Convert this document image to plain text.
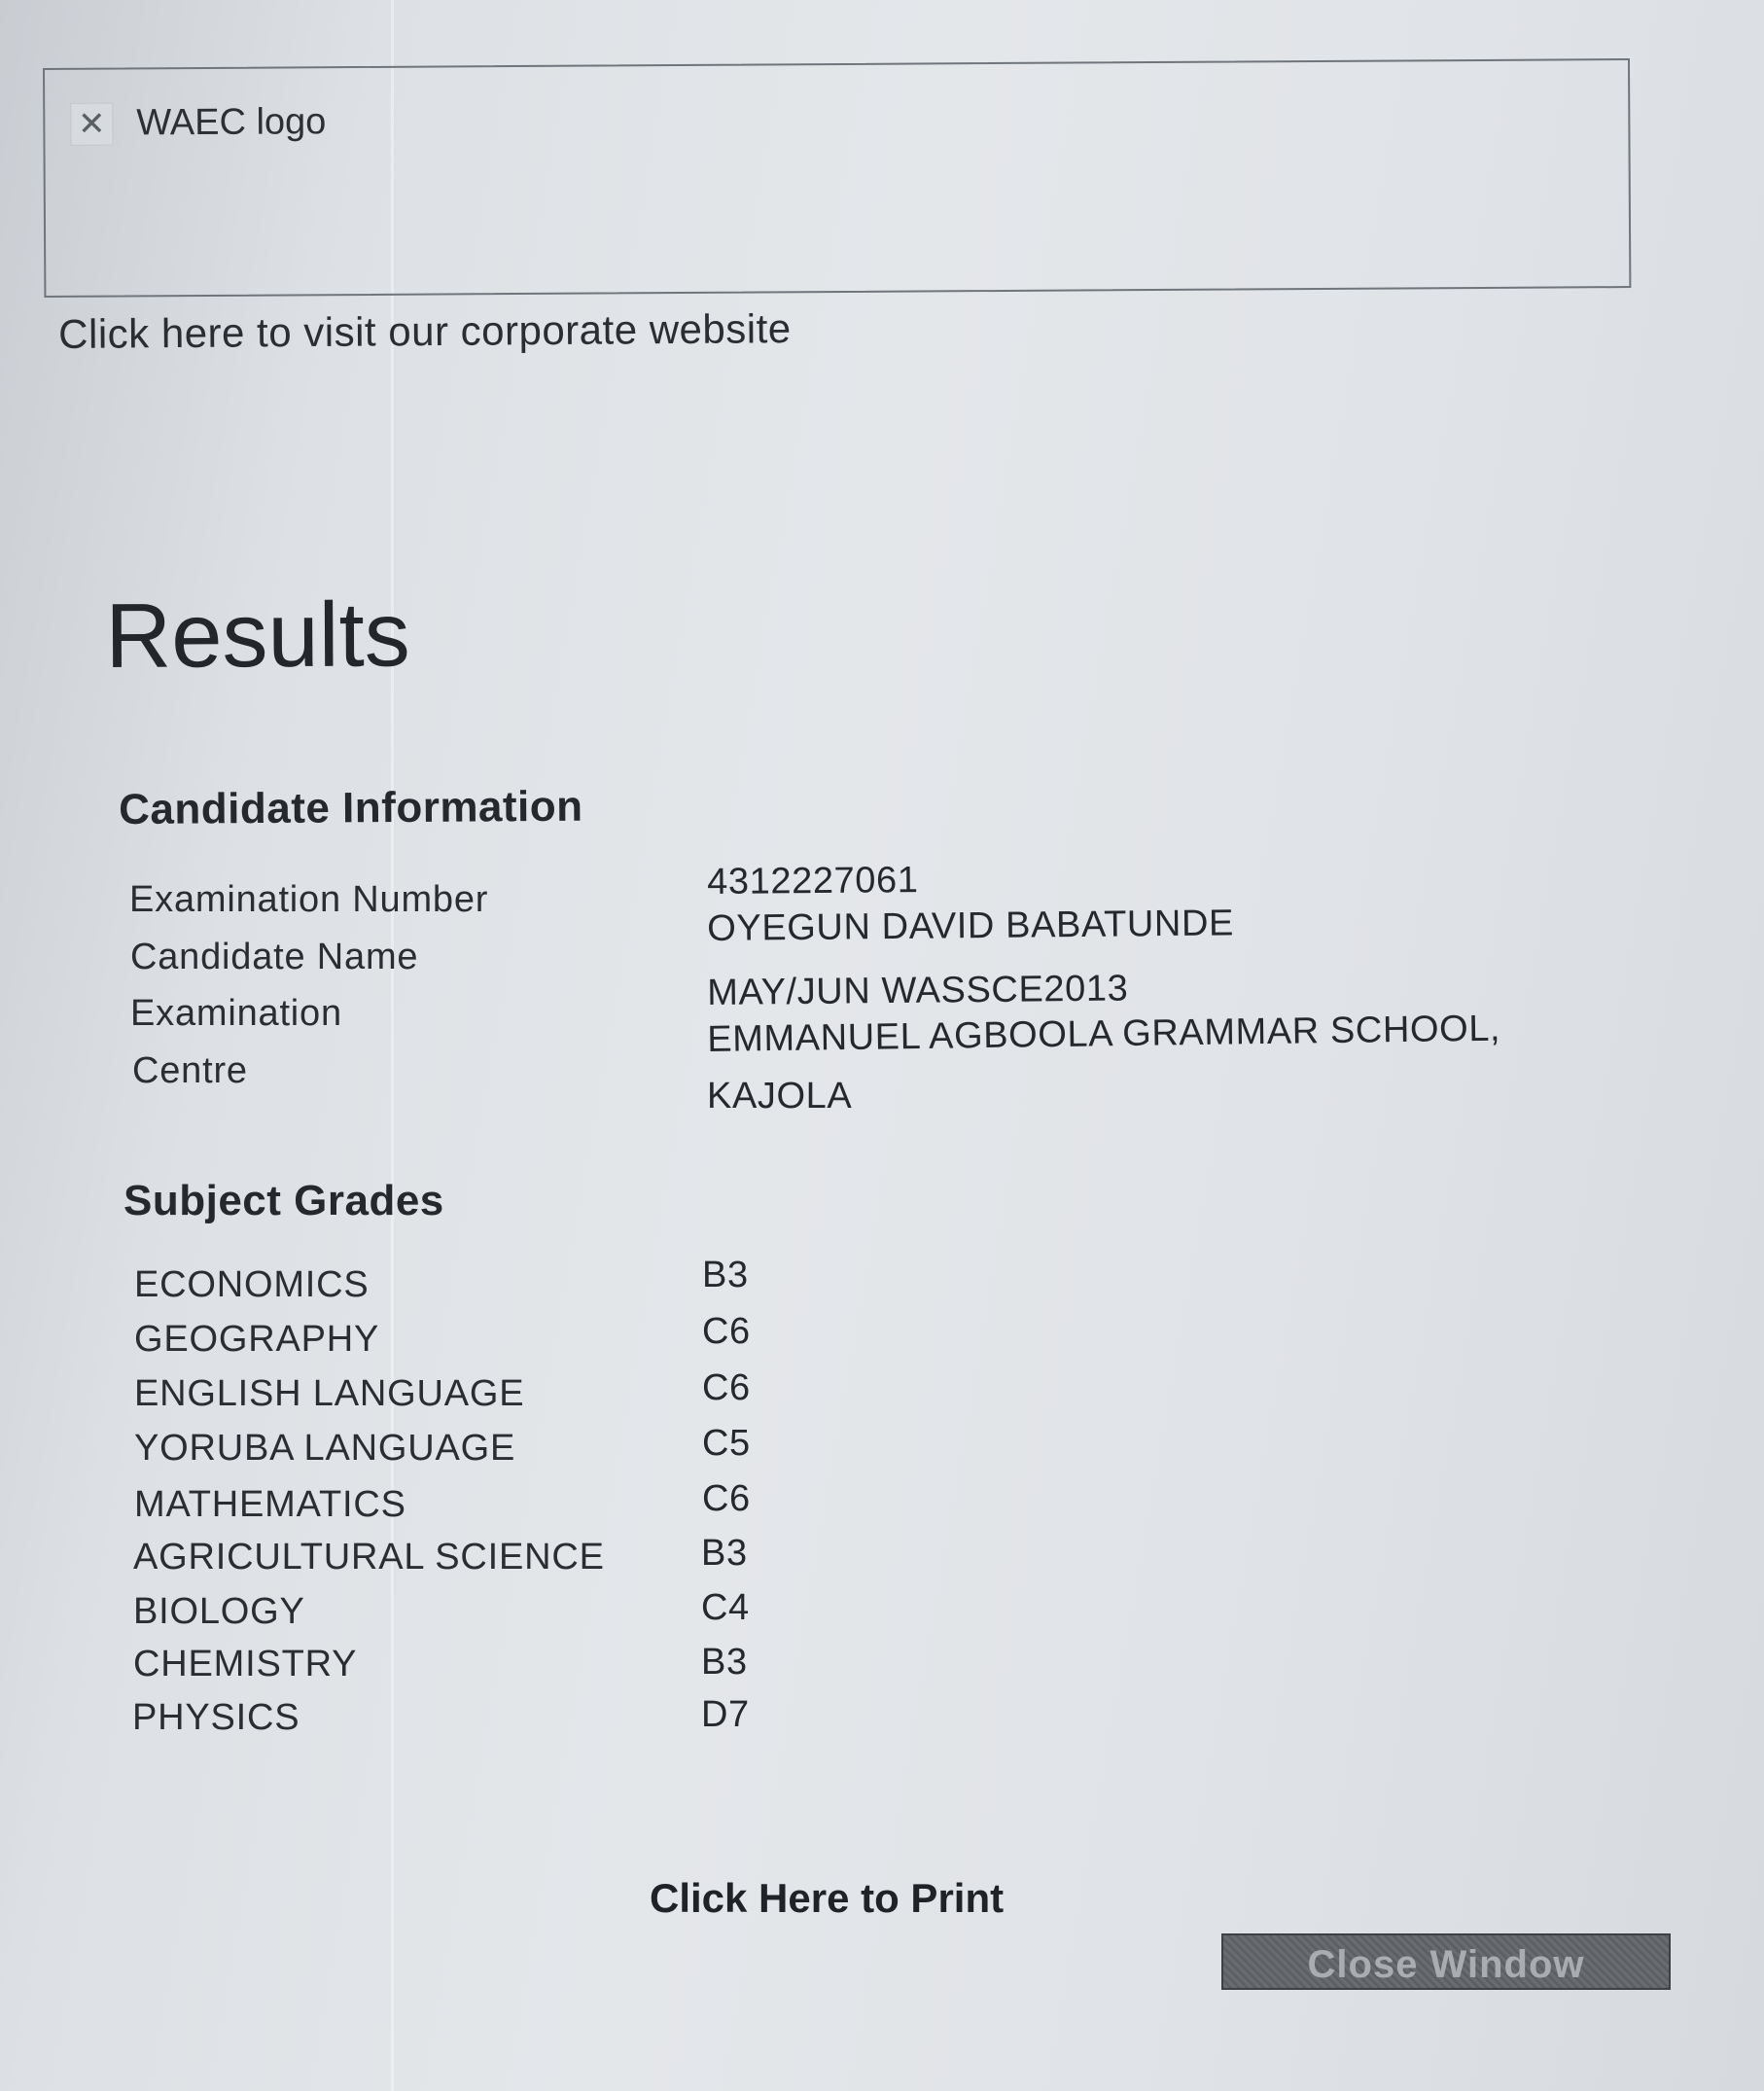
✕ WAEC logo
Click here to visit our corporate website
Results
Candidate Information
Examination Number
Candidate Name
Examination
Centre
4312227061
OYEGUN DAVID BABATUNDE
MAY/JUN WASSCE2013
EMMANUEL AGBOOLA GRAMMAR SCHOOL,
KAJOLA
Subject Grades
ECONOMICS
GEOGRAPHY
ENGLISH LANGUAGE
YORUBA LANGUAGE
MATHEMATICS
AGRICULTURAL SCIENCE
BIOLOGY
CHEMISTRY
PHYSICS
B3
C6
C6
C5
C6
B3
C4
B3
D7
Click Here to Print
Close Window
